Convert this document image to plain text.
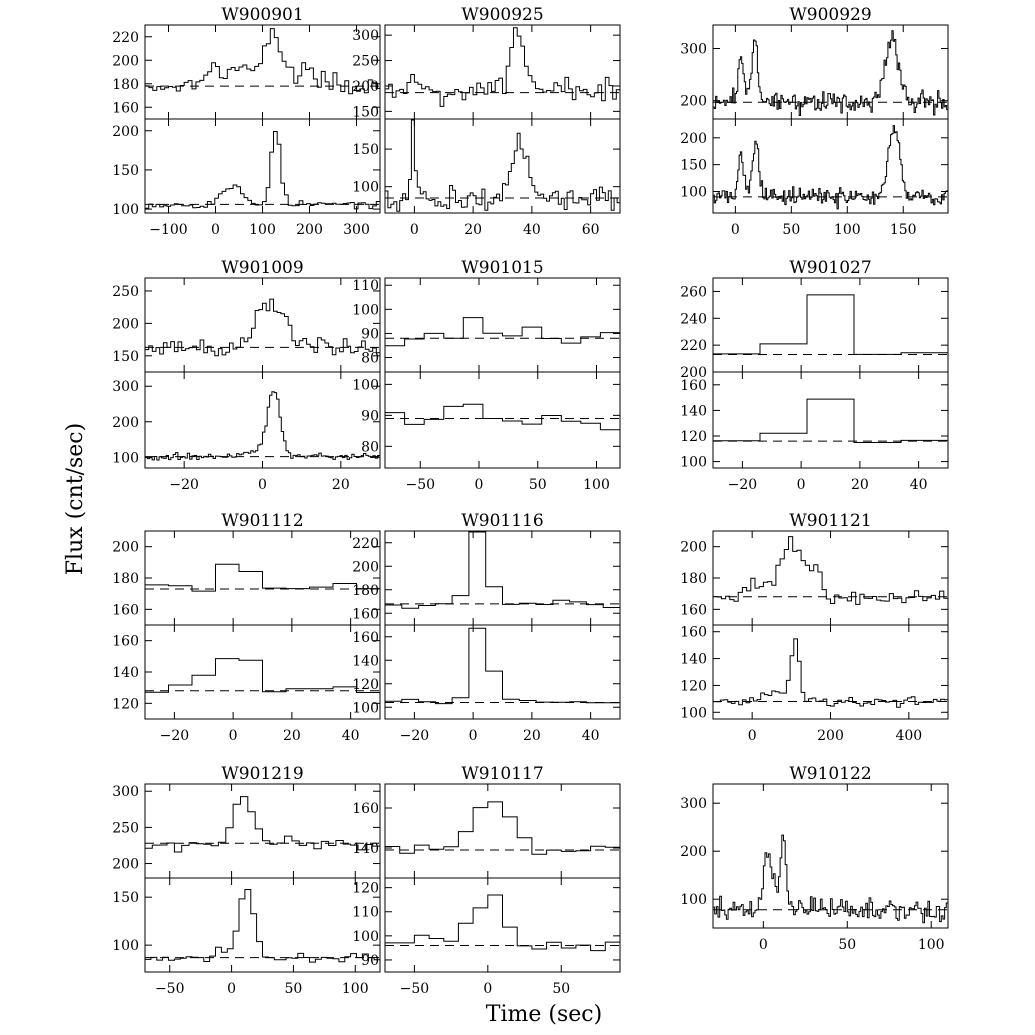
W900901
160
180
200
220
100
150
200
−100 0 100 200 300
W900925
150
200
250
300
100
150
0	20	40	60
W900929
200
300
100
150
200
0	50 100 150
W901009
150
200
250
100
200
300
−20	0	20
W901015
80
90
100
110
80
90
100
−50	0	50	100
W901027
200
220
240
260
100
120
140
160
−20	0	20	40
W901112
160
180
200
120
140
160
−20	0	20	40
W901116
160
180
200
220
100
120
140
160
−20	0	20	40
W901121
160
180
200
100
120
140
160
0	200	400
W901219
200
250
300
100
150
−50	0	50	100
W910117
140
160
90
100
110
120
−50	0	50
W910122
100
200
300
0	50	100
Time (sec)
Flux (cnt/sec)
